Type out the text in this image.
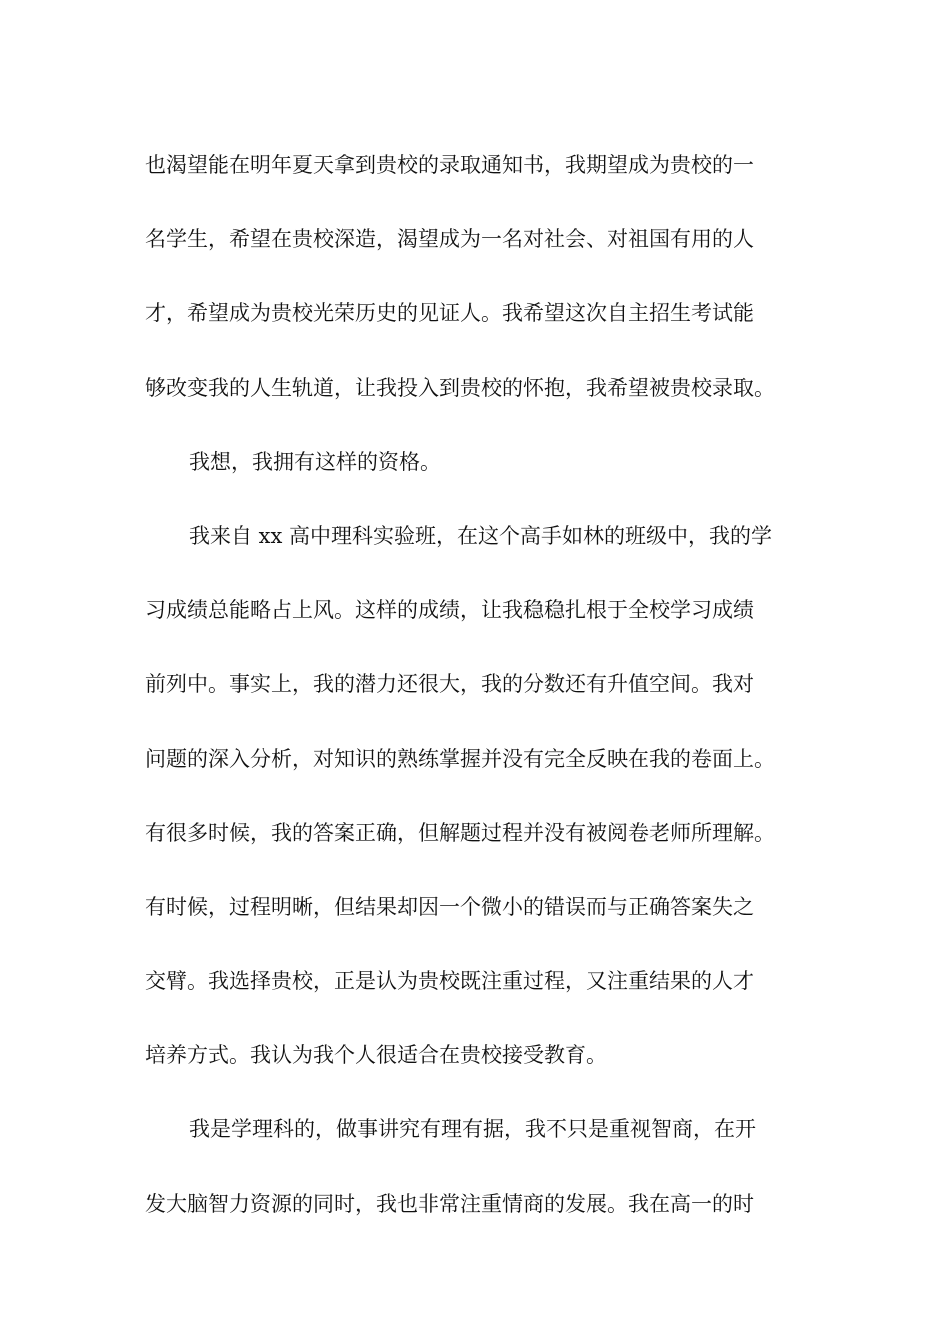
也渴望能在明年夏天拿到贵校的录取通知书，我期望成为贵校的一
名学生，希望在贵校深造，渴望成为一名对社会、对祖国有用的人
才，希望成为贵校光荣历史的见证人。我希望这次自主招生考试能
够改变我的人生轨道，让我投入到贵校的怀抱，我希望被贵校录取。
我想，我拥有这样的资格。
我来自 xx 高中理科实验班，在这个高手如林的班级中，我的学
习成绩总能略占上风。这样的成绩，让我稳稳扎根于全校学习成绩
前列中。事实上，我的潜力还很大，我的分数还有升值空间。我对
问题的深入分析，对知识的熟练掌握并没有完全反映在我的卷面上。
有很多时候，我的答案正确，但解题过程并没有被阅卷老师所理解。
有时候，过程明晰，但结果却因一个微小的错误而与正确答案失之
交臂。我选择贵校，正是认为贵校既注重过程，又注重结果的人才
培养方式。我认为我个人很适合在贵校接受教育。
我是学理科的，做事讲究有理有据，我不只是重视智商，在开
发大脑智力资源的同时，我也非常注重情商的发展。我在高一的时
